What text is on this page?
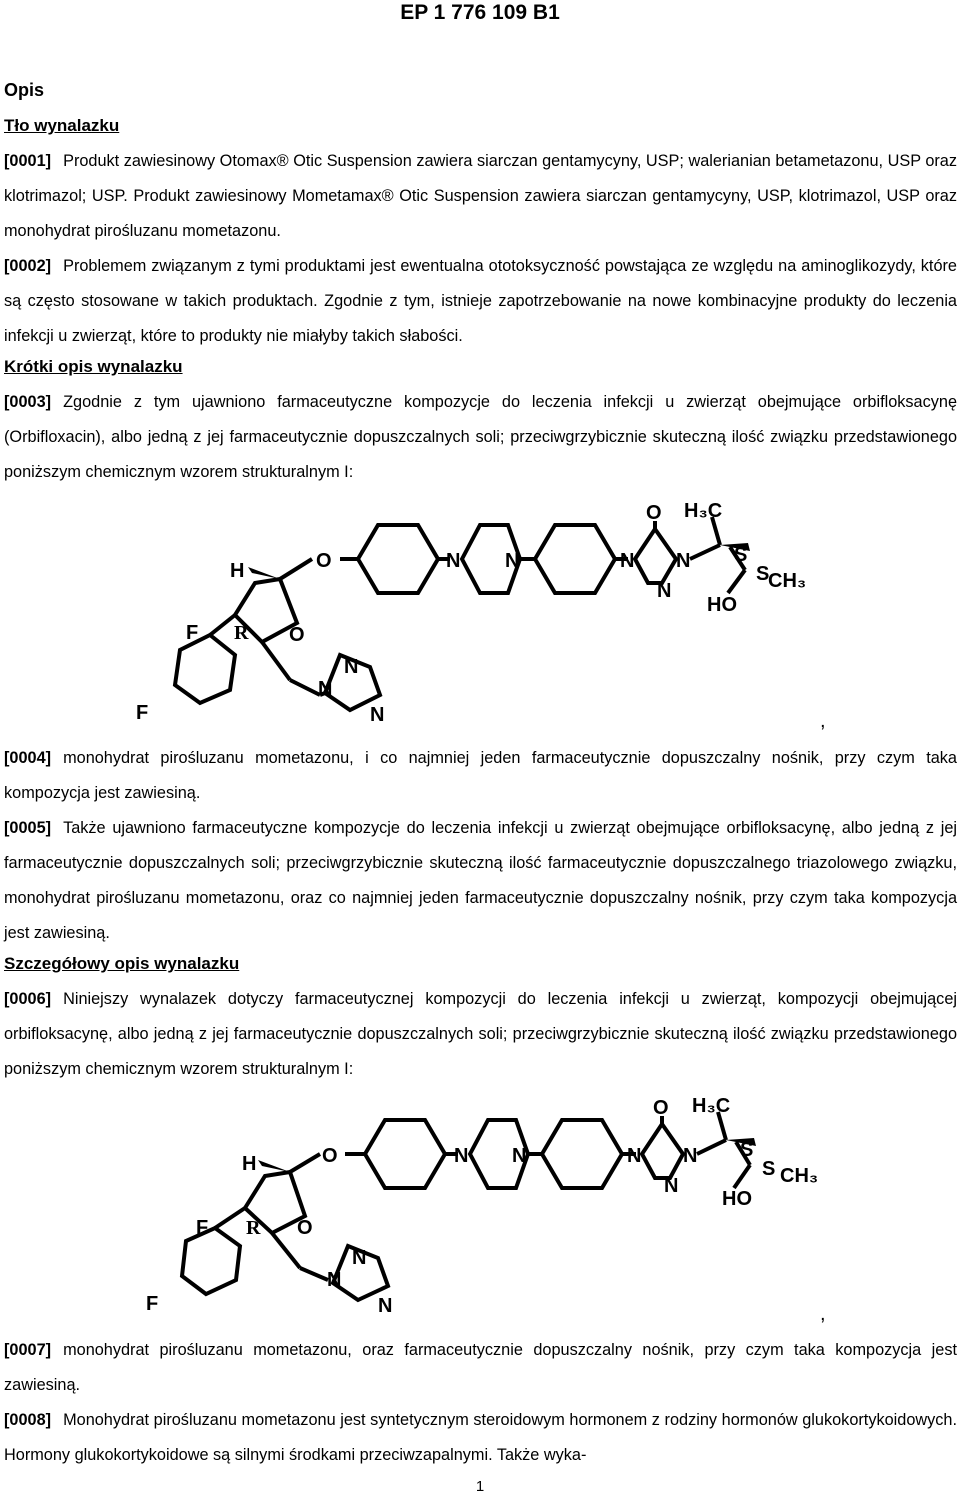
EP 1 776 109 B1
Opis
Tło wynalazku
[0001] Produkt zawiesinowy Otomax® Otic Suspension zawiera siarczan gentamycyny, USP; walerianian betametazonu, USP oraz klotrimazol; USP. Produkt zawiesinowy Mometamax® Otic Suspension zawiera siarczan gentamycyny, USP, klotrimazol, USP oraz monohydrat pirośluzanu mometazonu.
[0002] Problemem związanym z tymi produktami jest ewentualna ototoksyczność powstająca ze względu na aminoglikozydy, które są często stosowane w takich produktach. Zgodnie z tym, istnieje zapotrzebowanie na nowe kombinacyjne produkty do leczenia infekcji u zwierząt, które to produkty nie miałyby takich słabości.
Krótki opis wynalazku
[0003] Zgodnie z tym ujawniono farmaceutyczne kompozycje do leczenia infekcji u zwierząt obejmujące orbifloksacynę (Orbifloxacin), albo jedną z jej farmaceutycznie dopuszczalnych soli; przeciwgrzybicznie skuteczną ilość związku przedstawionego poniższym chemicznym wzorem strukturalnym I:
H	O	N N	N
O
N
N
H₃C
S
S
CH₃
HO
F R O
F
N
N
N	,
[0004] monohydrat pirośluzanu mometazonu, i co najmniej jeden farmaceutycznie dopuszczalny nośnik, przy czym taka kompozycja jest zawiesiną.
[0005] Także ujawniono farmaceutyczne kompozycje do leczenia infekcji u zwierząt obejmujące orbifloksacynę, albo jedną z jej farmaceutycznie dopuszczalnych soli; przeciwgrzybicznie skuteczną ilość farmaceutycznie dopuszczalnego triazolowego związku, monohydrat pirośluzanu mometazonu, oraz co najmniej jeden farmaceutycznie dopuszczalny nośnik, przy czym taka kompozycja jest zawiesiną.
Szczegółowy opis wynalazku
[0006] Niniejszy wynalazek dotyczy farmaceutycznej kompozycji do leczenia infekcji u zwierząt, kompozycji obejmującej orbifloksacynę, albo jedną z jej farmaceutycznie dopuszczalnych soli; przeciwgrzybicznie skuteczną ilość związku przedstawionego poniższym chemicznym wzorem strukturalnym I:
H	O	N N	N
O
N
N
H₃C
S
S CH₃
HO
F R O
F
N
N
N	,
[0007] monohydrat pirośluzanu mometazonu, oraz farmaceutycznie dopuszczalny nośnik, przy czym taka kompozycja jest zawiesiną.
[0008] Monohydrat pirośluzanu mometazonu jest syntetycznym steroidowym hormonem z rodziny hormonów glukokortykoidowych. Hormony glukokortykoidowe są silnymi środkami przeciwzapalnymi. Także wyka-
1
